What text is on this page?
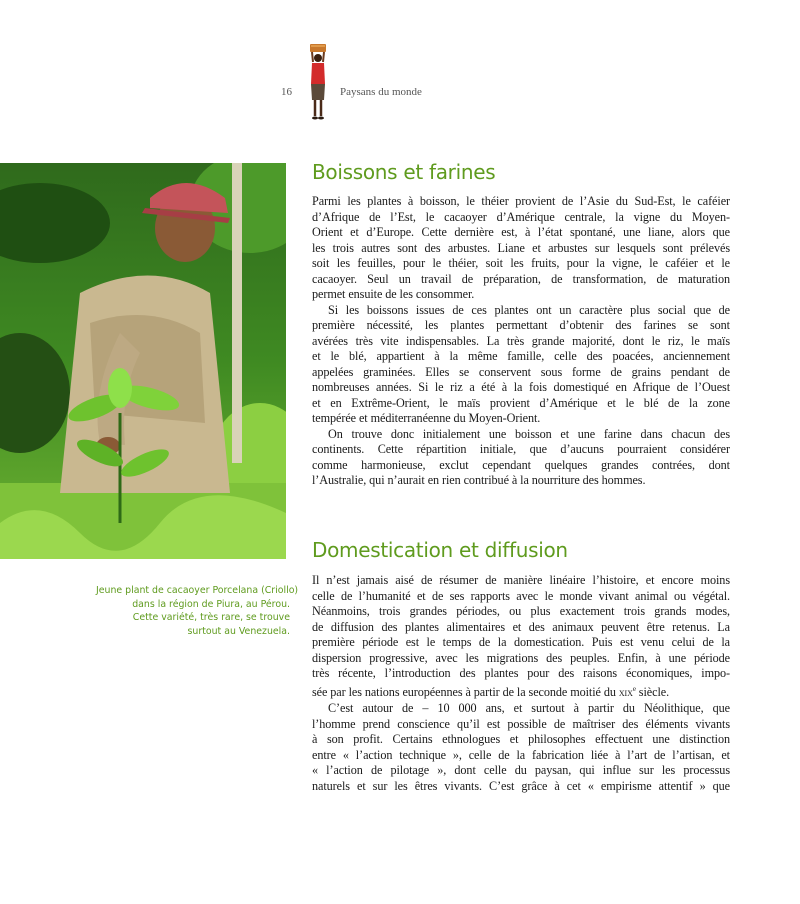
16	Paysans du monde
Jeune plant de cacaoyer Porcelana (Criollo)
dans la région de Piura, au Pérou.
Cette variété, très rare, se trouve
surtout au Venezuela.
Boissons et farines

Parmi les plantes à boisson, le théier provient de l’Asie du Sud-Est, le caféier
d’Afrique de l’Est, le cacaoyer d’Amérique centrale, la vigne du Moyen-
Orient et d’Europe. Cette dernière est, à l’état spontané, une liane, alors que
les trois autres sont des arbustes. Liane et arbustes sur lesquels sont prélevés
soit les feuilles, pour le théier, soit les fruits, pour la vigne, le caféier et le
cacaoyer. Seul un travail de préparation, de transformation, de maturation
permet ensuite de les consommer.

Si les boissons issues de ces plantes ont un caractère plus social que de
première nécessité, les plantes permettant d’obtenir des farines se sont
avérées très vite indispensables. La très grande majorité, dont le riz, le maïs
et le blé, appartient à la même famille, celle des poacées, anciennement
appelées graminées. Elles se conservent sous forme de grains pendant de
nombreuses années. Si le riz a été à la fois domestiqué en Afrique de l’Ouest
et en Extrême-Orient, le maïs provient d’Amérique et le blé de la zone
tempérée et méditerranéenne du Moyen-Orient.

On trouve donc initialement une boisson et une farine dans chacun des
continents. Cette répartition initiale, que d’aucuns pourraient considérer
comme harmonieuse, exclut cependant quelques grandes contrées, dont
l’Australie, qui n’aurait en rien contribué à la nourriture des hommes.

Domestication et diffusion

Il n’est jamais aisé de résumer de manière linéaire l’histoire, et encore moins
celle de l’humanité et de ses rapports avec le monde vivant animal ou végétal.
Néanmoins, trois grandes périodes, ou plus exactement trois grands modes,
de diffusion des plantes alimentaires et des animaux peuvent être retenus. La
première période est le temps de la domestication. Puis est venu celui de la
dispersion progressive, avec les migrations des peuples. Enfin, à une période
très récente, l’introduction des plantes pour des raisons économiques, impo-
sée par les nations européennes à partir de la seconde moitié du xix$^e$ siècle.

C’est autour de – 10 000 ans, et surtout à partir du Néolithique, que
l’homme prend conscience qu’il est possible de maîtriser des éléments vivants
à son profit. Certains ethnologues et philosophes effectuent une distinction
entre « l’action technique », celle de la fabrication liée à l’art de l’artisan, et
« l’action de pilotage », dont celle du paysan, qui influe sur les processus
naturels et sur les êtres vivants. C’est grâce à cet « empirisme attentif » que
